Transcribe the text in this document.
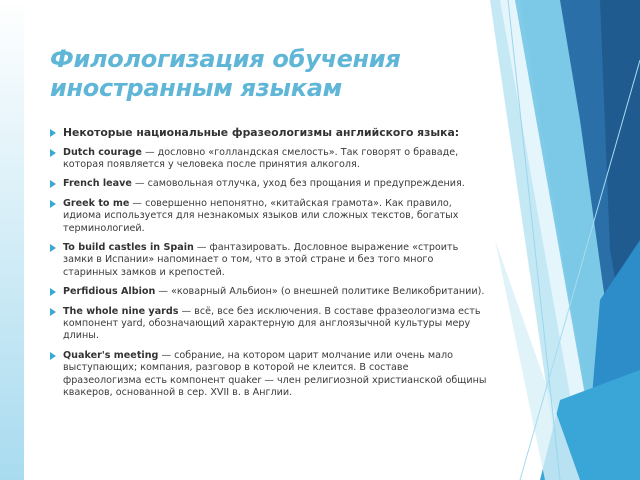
Филологизация обучения иностранным языкам
Некоторые национальные фразеологизмы английского языка:
Dutch courage — дословно «голландская смелость». Так говорят о браваде, которая появляется у человека после принятия алкоголя.
French leave — самовольная отлучка, уход без прощания и предупреждения.
Greek to me — совершенно непонятно, «китайская грамота». Как правило, идиома используется для незнакомых языков или сложных текстов, богатых терминологией.
To build castles in Spain — фантазировать. Дословное выражение «строить замки в Испании» напоминает о том, что в этой стране и без того много старинных замков и крепостей.
Perfidious Albion — «коварный Альбион» (о внешней политике Великобритании).
The whole nine yards — всё, все без исключения. В составе фразеологизма есть компонент yard, обозначающий характерную для англоязычной культуры меру длины.
Quaker's meeting — собрание, на котором царит молчание или очень мало выступающих; компания, разговор в которой не клеится. В составе фразеологизма есть компонент quaker — член религиозной христианской общины квакеров, основанной в сер. XVII в. в Англии.
